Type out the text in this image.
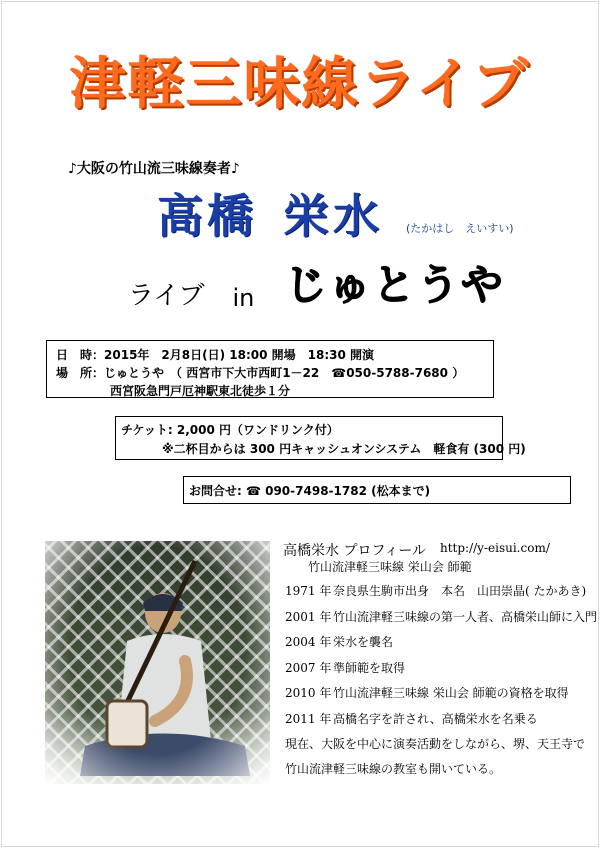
津軽三味線ライブ
♪大阪の竹山流三味線奏者♪
高橋 栄水 (たかはし　えいすい)
ライブ in じゅとうや
日　時：2015年　2月8日(日) 18:00 開場　18:30 開演
場　所：じゅとうや　（ 西宮市下大市西町1－22　☎050-5788-7680 ）
西宮阪急門戸厄神駅東北徒歩１分
チケット: 2,000 円（ワンドリンク付）
※二杯目からは 300 円キャッシュオンシステム　軽食有 (300 円)
お問合せ: ☎ 090-7498-1782 (松本まで)
高橋栄水 プロフィール http://y-eisui.com/
竹山流津軽三味線 栄山会 師範
1971 年 奈良県生駒市出身　本名　山田崇晶( たかあき)
2001 年 竹山流津軽三味線の第一人者、高橋栄山師に入門
2004 年 栄水を襲名
2007 年 準師範を取得
2010 年 竹山流津軽三味線 栄山会 師範の資格を取得
2011 年 高橋名字を許され、高橋栄水を名乗る
現在、大阪を中心に演奏活動をしながら、堺、天王寺で
竹山流津軽三味線の教室も開いている。
